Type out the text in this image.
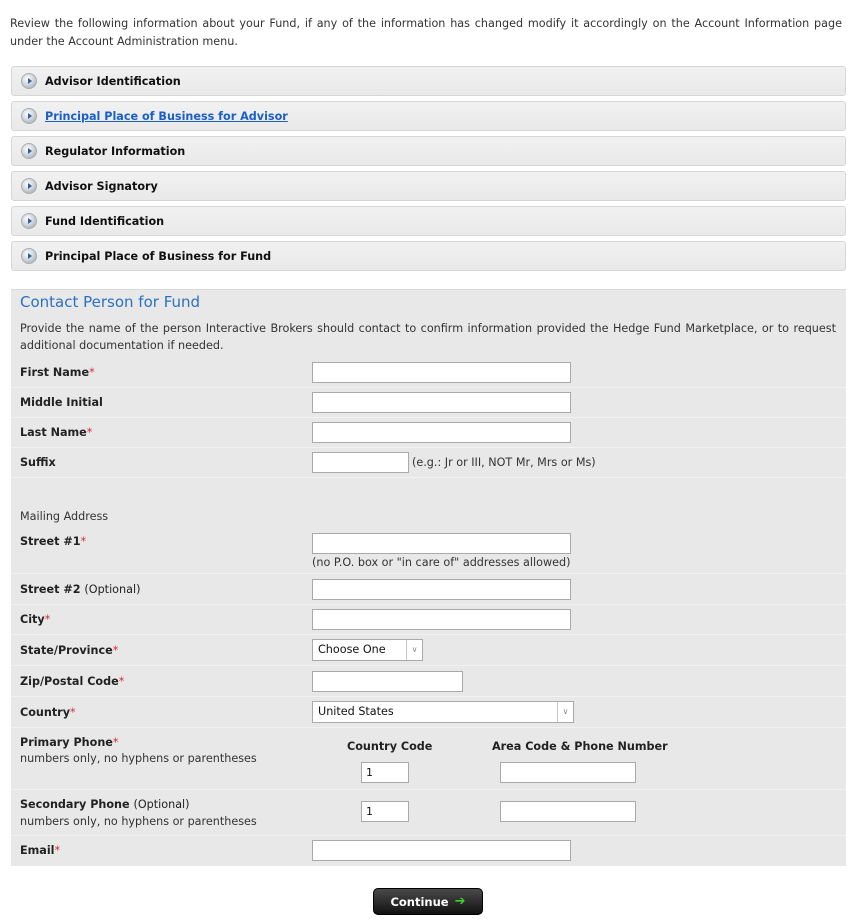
Review the following information about your Fund, if any of the information has changed modify it accordingly on the Account Information page under the Account Administration menu.
Advisor Identification
Principal Place of Business for Advisor
Regulator Information
Advisor Signatory
Fund Identification
Principal Place of Business for Fund
Contact Person for Fund
Provide the name of the person Interactive Brokers should contact to confirm information provided the Hedge Fund Marketplace, or to request additional documentation if needed.
First Name*
Middle Initial
Last Name*
Suffix	(e.g.: Jr or III, NOT Mr, Mrs or Ms)
Mailing Address
Street #1*
(no P.O. box or "in care of" addresses allowed)
Street #2 (Optional)
City*
State/Province*	Choose One	∨
Zip/Postal Code*
Country*	United States	∨
Primary Phone*
numbers only, no hyphens or parentheses
Country Code	Area Code & Phone Number
1
Secondary Phone (Optional)
numbers only, no hyphens or parentheses
1
Email*
Continue ➔
